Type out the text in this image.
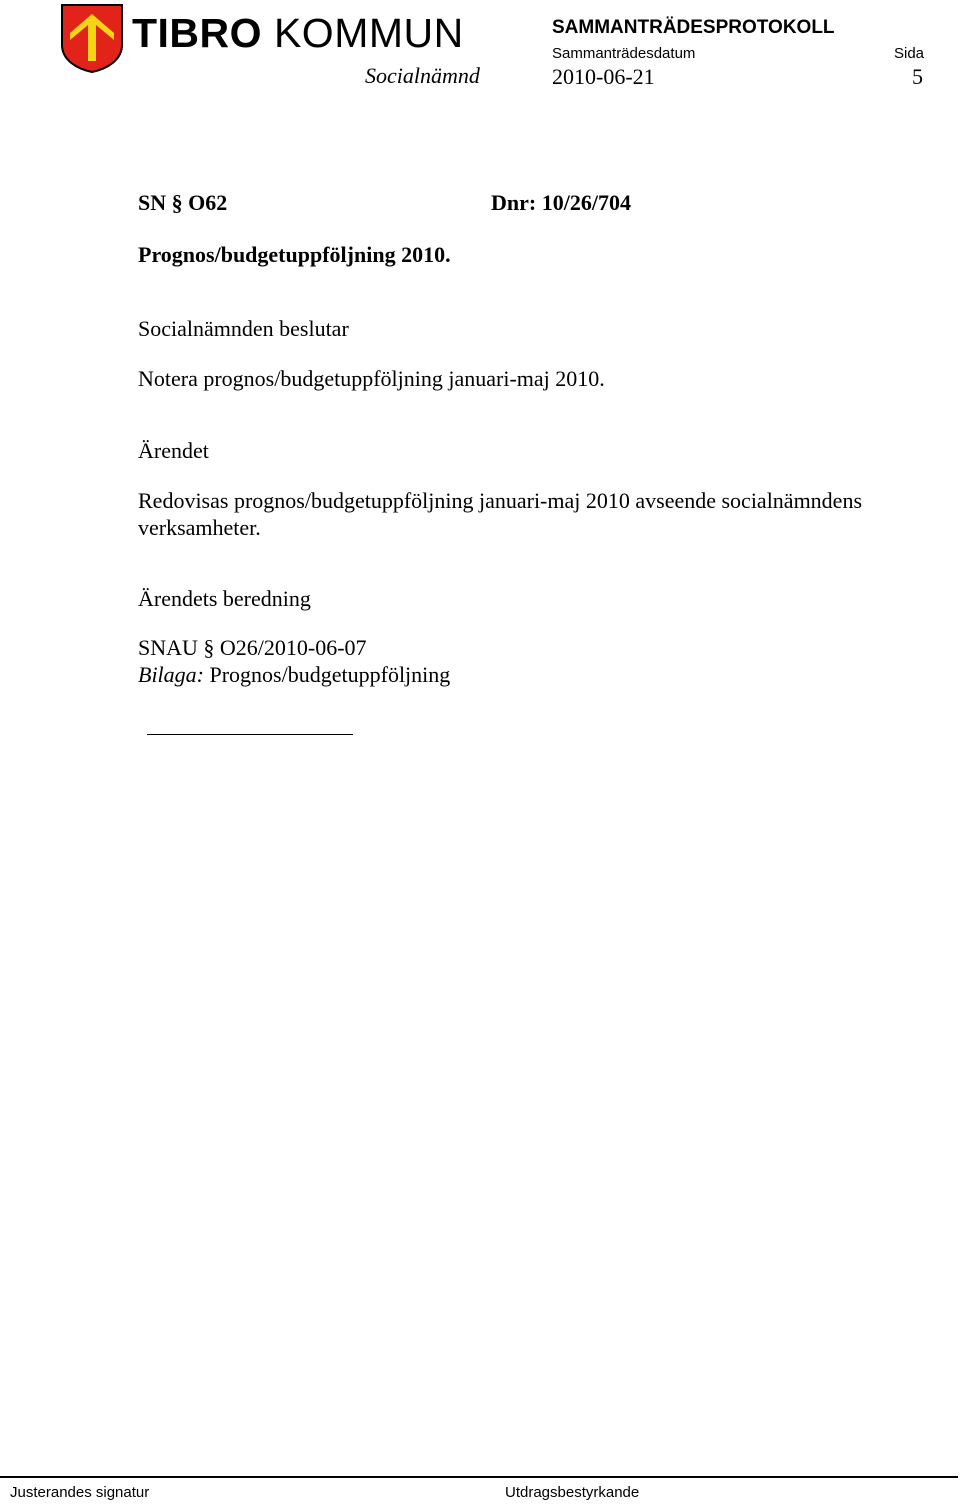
TIBRO KOMMUN
Socialnämnd
SAMMANTRÄDESPROTOKOLL
Sammanträdesdatum	Sida
2010-06-21	5
SN § O62	Dnr: 10/26/704
Prognos/budgetuppföljning 2010.
Socialnämnden beslutar
Notera prognos/budgetuppföljning januari-maj 2010.
Ärendet
Redovisas prognos/budgetuppföljning januari-maj 2010 avseende socialnämndens verksamheter.
Ärendets beredning
SNAU § O26/2010-06-07
Bilaga: Prognos/budgetuppföljning
Justerandes signatur	Utdragsbestyrkande
